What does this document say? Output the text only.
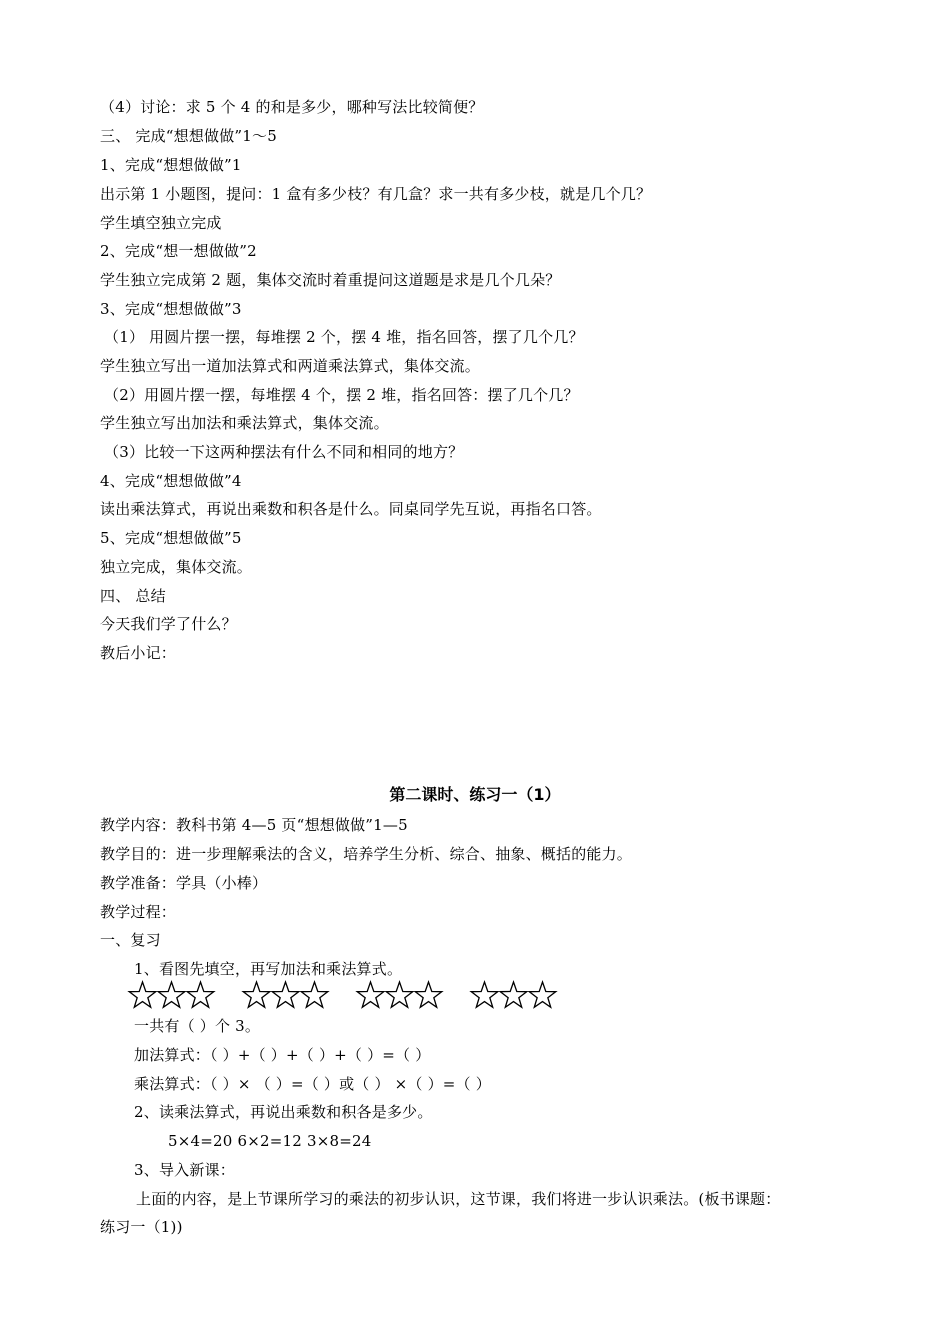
（4）讨论：求 5 个 4 的和是多少，哪种写法比较简便？
三、 完成“想想做做”1～5
1、完成“想想做做”1
出示第 1 小题图，提问：1 盒有多少枝？有几盒？求一共有多少枝，就是几个几？
学生填空独立完成
2、完成“想一想做做”2
学生独立完成第 2 题，集体交流时着重提问这道题是求是几个几朵？
3、完成“想想做做”3
（1） 用圆片摆一摆，每堆摆 2 个，摆 4 堆，指名回答，摆了几个几？
学生独立写出一道加法算式和两道乘法算式，集体交流。
（2）用圆片摆一摆，每堆摆 4 个，摆 2 堆，指名回答：摆了几个几？
学生独立写出加法和乘法算式，集体交流。
（3）比较一下这两种摆法有什么不同和相同的地方？
4、完成“想想做做”4
读出乘法算式，再说出乘数和积各是什么。同桌同学先互说，再指名口答。
5、完成“想想做做”5
独立完成，集体交流。
四、 总结
今天我们学了什么？
教后小记：
第二课时、练习一（1）
教学内容：教科书第 4—5 页“想想做做”1—5
教学目的：进一步理解乘法的含义，培养学生分析、综合、抽象、概括的能力。
教学准备：学具（小棒）
教学过程：
一、复习
1、看图先填空，再写加法和乘法算式。
一共有（ ）个 3。
加法算式：（ ）+（ ）+（ ）+（ ）=（ ）
乘法算式：（ ）× （ ）=（ ）或（ ） ×（ ）=（ ）
2、读乘法算式，再说出乘数和积各是多少。
5×4=20 6×2=12 3×8=24
3、导入新课：
上面的内容，是上节课所学习的乘法的初步认识，这节课，我们将进一步认识乘法。(板书课题：
练习一（1))
